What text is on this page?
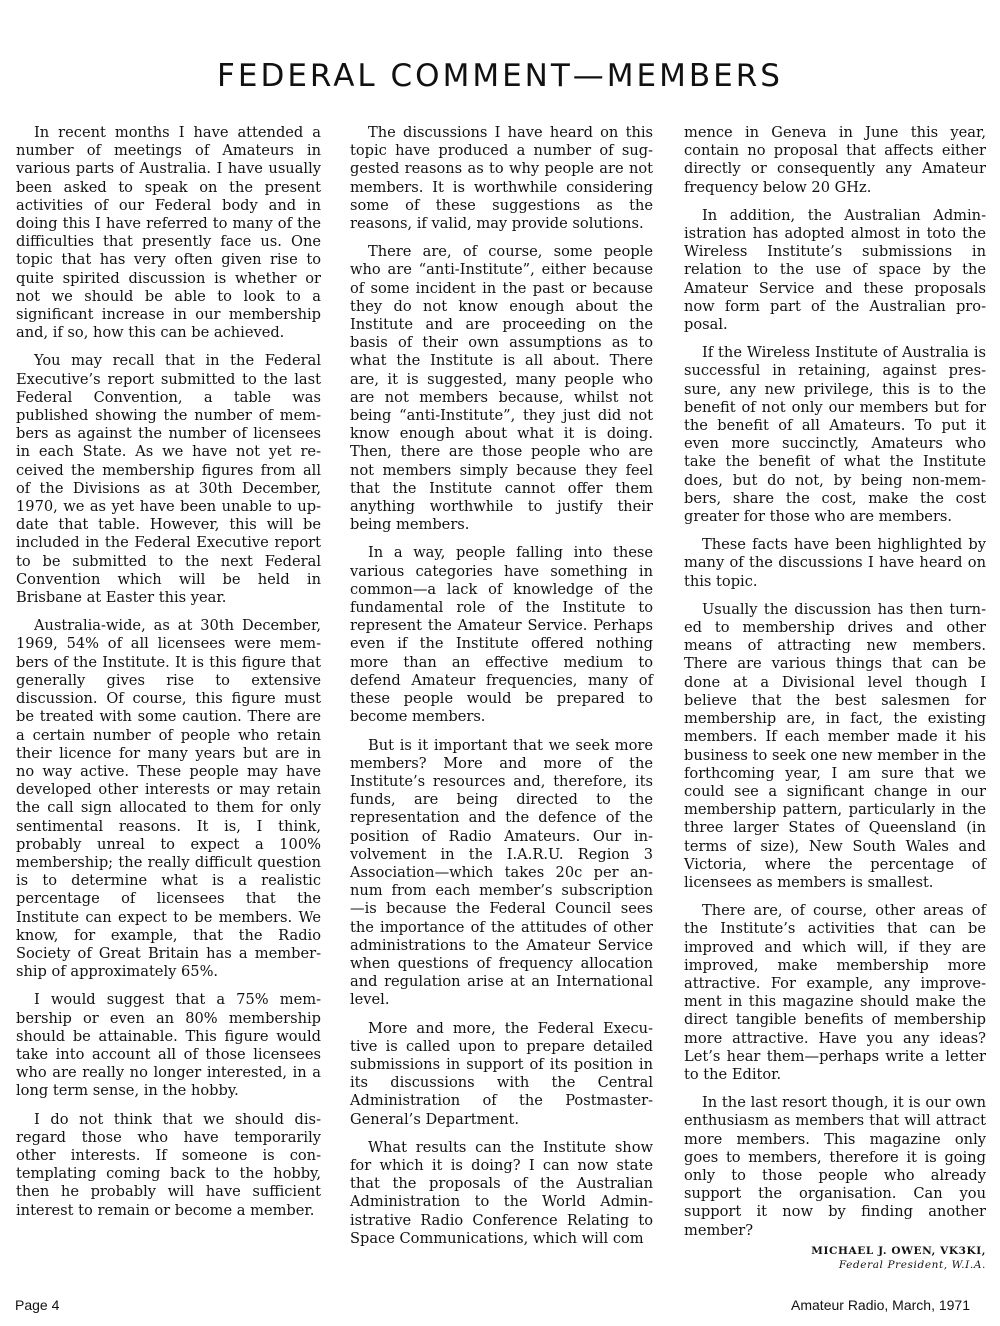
FEDERAL COMMENT—MEMBERS

In recent months I have attended a number of meetings of Amateurs in various parts of Australia. I have usually been asked to speak on the present activities of our Federal body and in doing this I have referred to many of the difficulties that presently face us. One topic that has very often given rise to quite spirited discussion is whether or not we should be able to look to a significant increase in our membership and, if so, how this can be achieved.

You may recall that in the Federal Executive’s report submitted to the last Federal Convention, a table was published showing the number of members as against the number of licensees in each State. As we have not yet received the membership figures from all of the Divisions as at 30th December, 1970, we as yet have been unable to up-date that table. However, this will be included in the Federal Executive report to be submitted to the next Federal Convention which will be held in Brisbane at Easter this year.

Australia-wide, as at 30th December, 1969, 54% of all licensees were members of the Institute. It is this figure that generally gives rise to extensive discussion. Of course, this figure must be treated with some caution. There are a certain number of people who retain their licence for many years but are in no way active. These people may have developed other interests or may retain the call sign allocated to them for only sentimental reasons. It is, I think, probably unreal to expect a 100% membership; the really difficult question is to determine what is a realistic percentage of licensees that the Institute can expect to be members. We know, for example, that the Radio Society of Great Britain has a membership of approximately 65%.

I would suggest that a 75% membership or even an 80% membership should be attainable. This figure would take into account all of those licensees who are really no longer interested, in a long term sense, in the hobby.

I do not think that we should disregard those who have temporarily other interests. If someone is contemplating coming back to the hobby, then he probably will have sufficient interest to remain or become a member.

The discussions I have heard on this topic have produced a number of suggested reasons as to why people are not members. It is worthwhile considering some of these suggestions as the reasons, if valid, may provide solutions.

There are, of course, some people who are “anti-Institute”, either because of some incident in the past or because they do not know enough about the Institute and are proceeding on the basis of their own assumptions as to what the Institute is all about. There are, it is suggested, many people who are not members because, whilst not being “anti-Institute”, they just did not know enough about what it is doing. Then, there are those people who are not members simply because they feel that the Institute cannot offer them anything worthwhile to justify their being members.

In a way, people falling into these various categories have something in common—a lack of knowledge of the fundamental role of the Institute to represent the Amateur Service. Perhaps even if the Institute offered nothing more than an effective medium to defend Amateur frequencies, many of these people would be prepared to become members.

But is it important that we seek more members? More and more of the Institute’s resources and, therefore, its funds, are being directed to the representation and the defence of the position of Radio Amateurs. Our involvement in the I.A.R.U. Region 3 Association—which takes 20c per annum from each member’s subscription —is because the Federal Council sees the importance of the attitudes of other administrations to the Amateur Service when questions of frequency allocation and regulation arise at an International level.

More and more, the Federal Executive is called upon to prepare detailed submissions in support of its position in its discussions with the Central Administration of the Postmaster-General’s Department.

What results can the Institute show for which it is doing? I can now state that the proposals of the Australian Administration to the World Administrative Radio Conference Relating to Space Communications, which will com

mence in Geneva in June this year, contain no proposal that affects either directly or consequently any Amateur frequency below 20 GHz.

In addition, the Australian Administration has adopted almost in toto the Wireless Institute’s submissions in relation to the use of space by the Amateur Service and these proposals now form part of the Australian proposal.

If the Wireless Institute of Australia is successful in retaining, against pressure, any new privilege, this is to the benefit of not only our members but for the benefit of all Amateurs. To put it even more succinctly, Amateurs who take the benefit of what the Institute does, but do not, by being non-members, share the cost, make the cost greater for those who are members.

These facts have been highlighted by many of the discussions I have heard on this topic.

Usually the discussion has then turned to membership drives and other means of attracting new members. There are various things that can be done at a Divisional level though I believe that the best salesmen for membership are, in fact, the existing members. If each member made it his business to seek one new member in the forthcoming year, I am sure that we could see a significant change in our membership pattern, particularly in the three larger States of Queensland (in terms of size), New South Wales and Victoria, where the percentage of licensees as members is smallest.

There are, of course, other areas of the Institute’s activities that can be improved and which will, if they are improved, make membership more attractive. For example, any improvement in this magazine should make the direct tangible benefits of membership more attractive. Have you any ideas? Let’s hear them—perhaps write a letter to the Editor.

In the last resort though, it is our own enthusiasm as members that will attract more members. This magazine only goes to members, therefore it is going only to those people who already support the organisation. Can you support it now by finding another member?

MICHAEL J. OWEN, VK3KI,
Federal President, W.I.A.
Page 4	Amateur Radio, March, 1971
